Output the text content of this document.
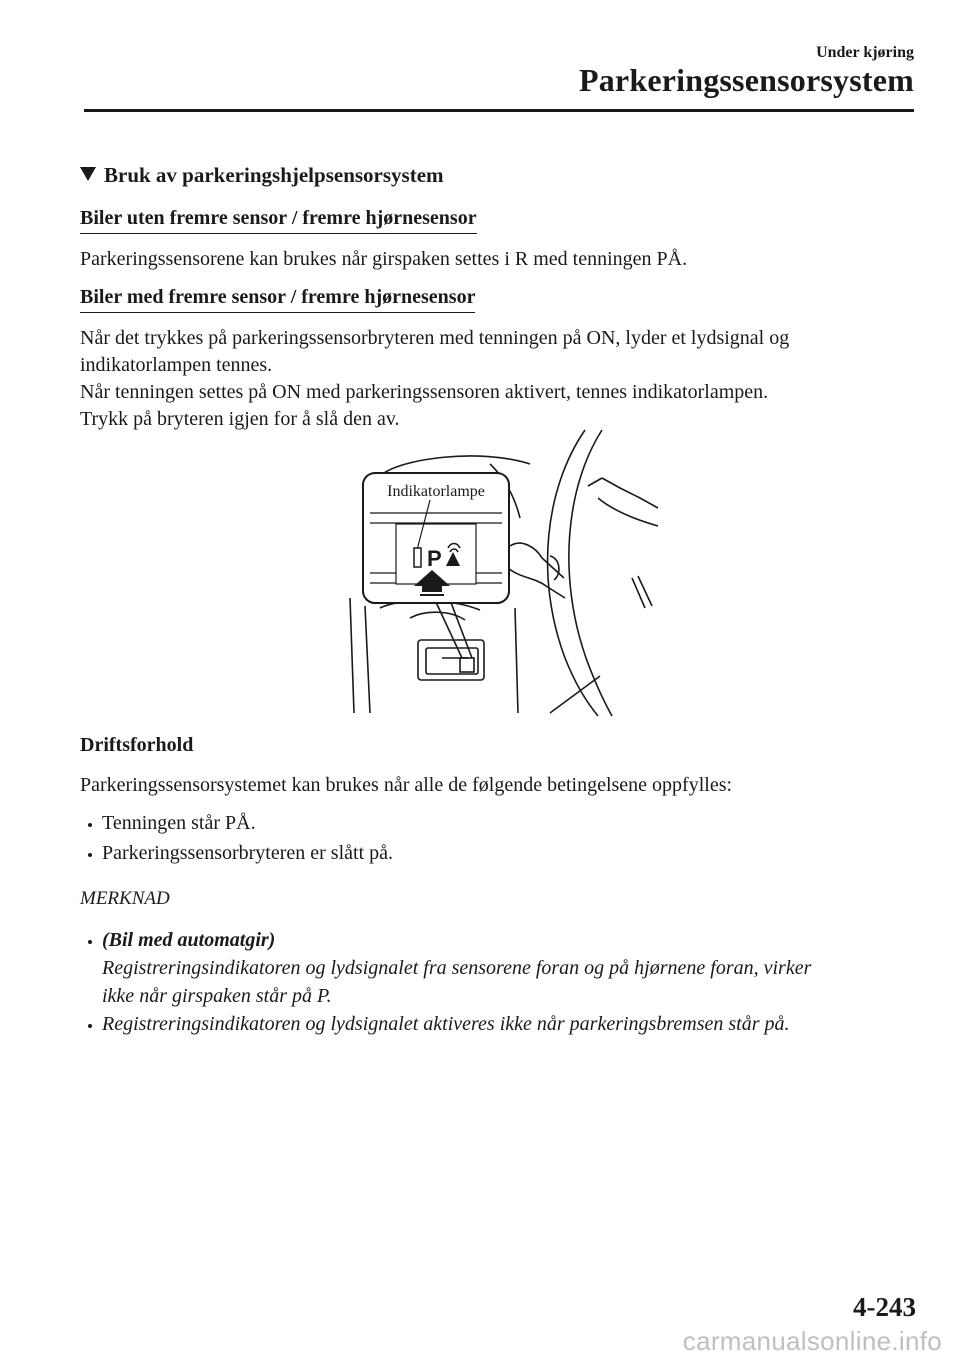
Under kjøring
Parkeringssensorsystem
Bruk av parkeringshjelpsensorsystem
Biler uten fremre sensor / fremre hjørnesensor
Parkeringssensorene kan brukes når girspaken settes i R med tenningen PÅ.
Biler med fremre sensor / fremre hjørnesensor
Når det trykkes på parkeringssensorbryteren med tenningen på ON, lyder et lydsignal og
indikatorlampen tennes.
Når tenningen settes på ON med parkeringssensoren aktivert, tennes indikatorlampen.
Trykk på bryteren igjen for å slå den av.
P
Indikatorlampe
Driftsforhold
Parkeringssensorsystemet kan brukes når alle de følgende betingelsene oppfylles:
Tenningen står PÅ.
Parkeringssensorbryteren er slått på.
MERKNAD
(Bil med automatgir)
Registreringsindikatoren og lydsignalet fra sensorene foran og på hjørnene foran, virker
ikke når girspaken står på P.
Registreringsindikatoren og lydsignalet aktiveres ikke når parkeringsbremsen står på.
4-243
carmanualsonline.info
